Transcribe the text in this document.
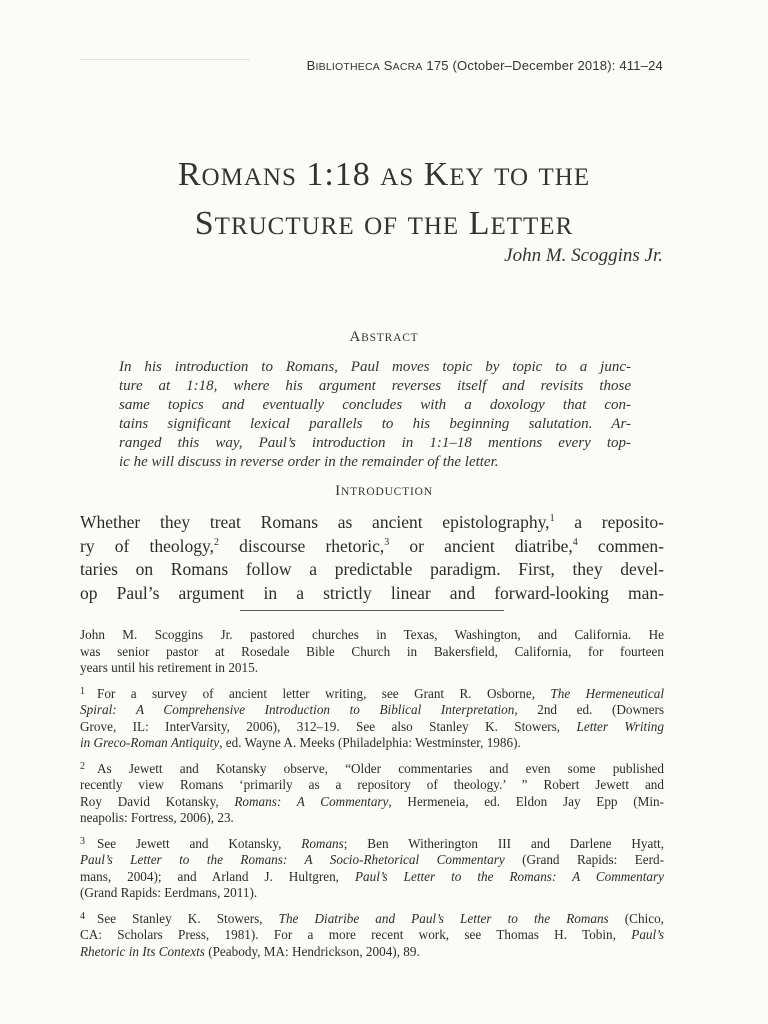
BIBLIOTHECA SACRA 175 (October–December 2018): 411–24
ROMANS 1:18 AS KEY TO THE
STRUCTURE OF THE LETTER
John M. Scoggins Jr.
ABSTRACT
In his introduction to Romans, Paul moves topic by topic to a junc-
ture at 1:18, where his argument reverses itself and revisits those
same topics and eventually concludes with a doxology that con-
tains significant lexical parallels to his beginning salutation. Ar-
ranged this way, Paul’s introduction in 1:1–18 mentions every top-
ic he will discuss in reverse order in the remainder of the letter.
INTRODUCTION
Whether they treat Romans as ancient epistolography,$^1$ a reposito-
ry of theology,$^2$ discourse rhetoric,$^3$ or ancient diatribe,$^4$ commen-
taries on Romans follow a predictable paradigm. First, they devel-
op Paul’s argument in a strictly linear and forward-looking man-
John M. Scoggins Jr. pastored churches in Texas, Washington, and California. He
was senior pastor at Rosedale Bible Church in Bakersfield, California, for fourteen
years until his retirement in 2015.
$^1$ For a survey of ancient letter writing, see Grant R. Osborne, The Hermeneutical
Spiral: A Comprehensive Introduction to Biblical Interpretation, 2nd ed. (Downers
Grove, IL: InterVarsity, 2006), 312–19. See also Stanley K. Stowers, Letter Writing
in Greco-Roman Antiquity, ed. Wayne A. Meeks (Philadelphia: Westminster, 1986).
$^2$ As Jewett and Kotansky observe, “Older commentaries and even some published
recently view Romans ‘primarily as a repository of theology.’ ” Robert Jewett and
Roy David Kotansky, Romans: A Commentary, Hermeneia, ed. Eldon Jay Epp (Min-
neapolis: Fortress, 2006), 23.
$^3$ See Jewett and Kotansky, Romans; Ben Witherington III and Darlene Hyatt,
Paul’s Letter to the Romans: A Socio-Rhetorical Commentary (Grand Rapids: Eerd-
mans, 2004); and Arland J. Hultgren, Paul’s Letter to the Romans: A Commentary
(Grand Rapids: Eerdmans, 2011).
$^4$ See Stanley K. Stowers, The Diatribe and Paul’s Letter to the Romans (Chico,
CA: Scholars Press, 1981). For a more recent work, see Thomas H. Tobin, Paul’s
Rhetoric in Its Contexts (Peabody, MA: Hendrickson, 2004), 89.
